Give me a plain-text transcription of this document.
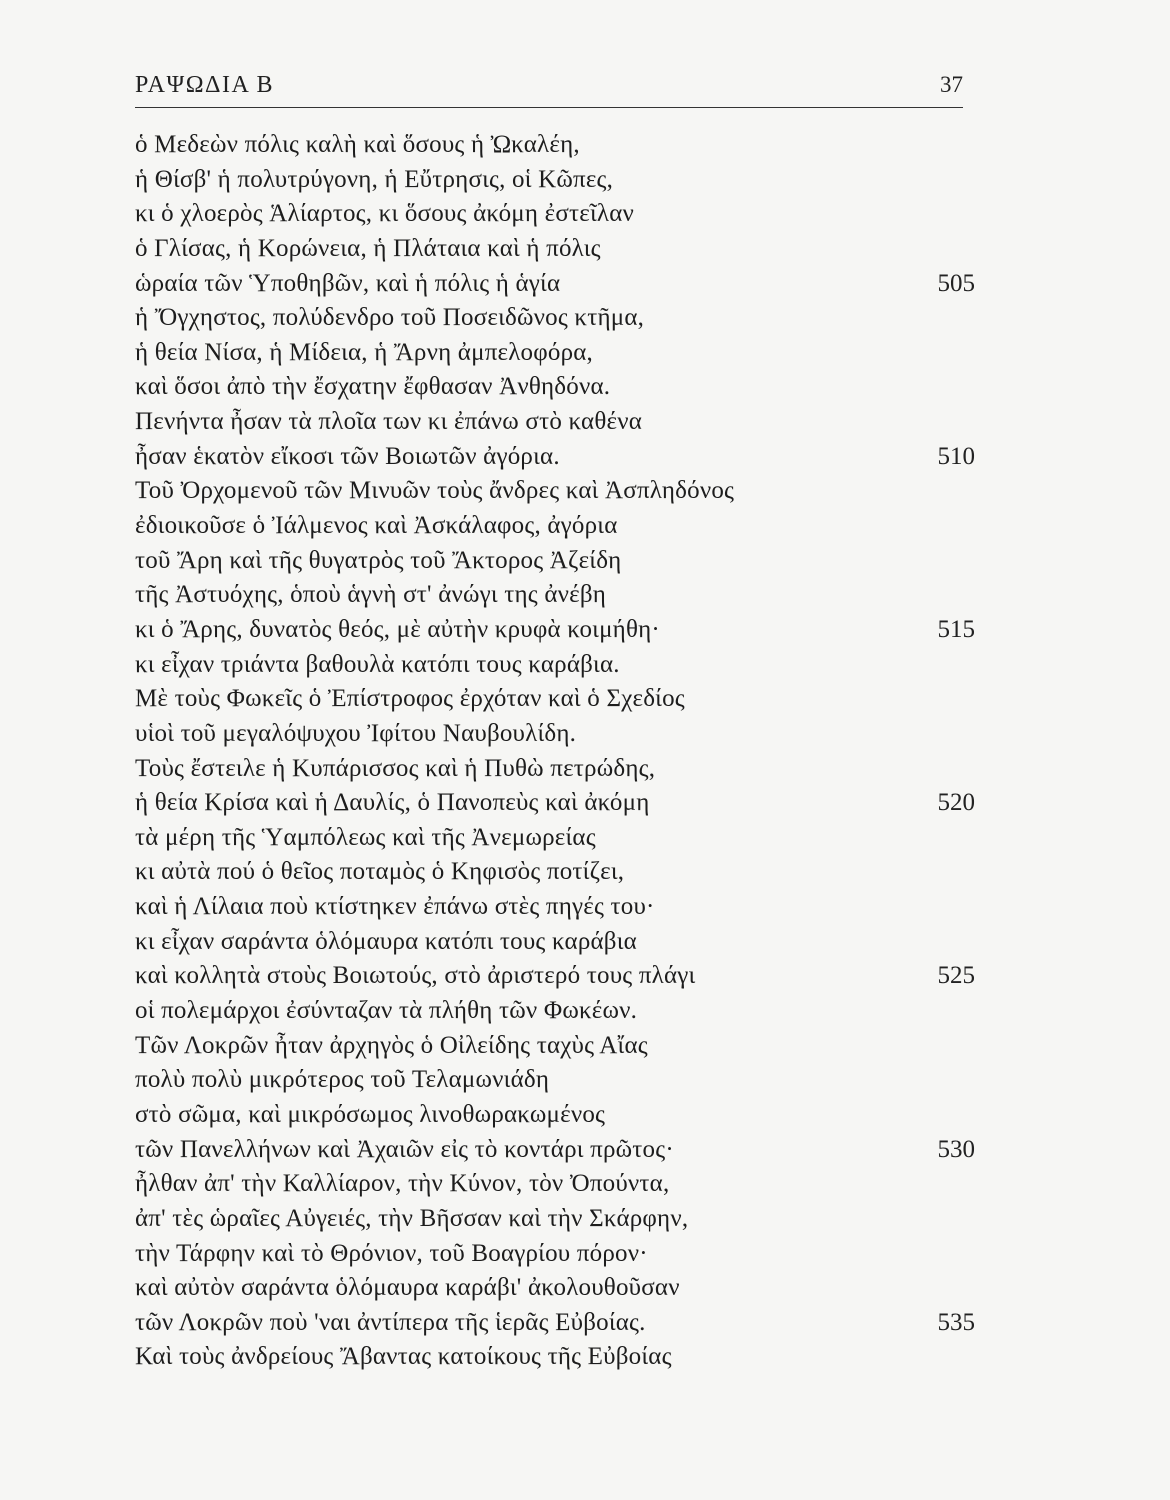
ΡΑΨΩΔΙΑ Β	37
ὁ Μεδεὼν πόλις καλὴ καὶ ὅσους ἡ Ὠκαλέη,
ἡ Θίσβ' ἡ πολυτρύγονη, ἡ Εὔτρησις, οἱ Κῶπες,
κι ὁ χλοερὸς Ἁλίαρτος, κι ὅσους ἀκόμη ἐστεῖλαν
ὁ Γλίσας, ἡ Κορώνεια, ἡ Πλάταια καὶ ἡ πόλις
ὡραία τῶν Ὑποθηβῶν, καὶ ἡ πόλις ἡ ἁγία	505
ἡ Ὄγχηστος, πολύδενδρο τοῦ Ποσειδῶνος κτῆμα,
ἡ θεία Νίσα, ἡ Μίδεια, ἡ Ἄρνη ἀμπελοφόρα,
καὶ ὅσοι ἀπὸ τὴν ἔσχατην ἔφθασαν Ἀνθηδόνα.
Πενήντα ἦσαν τὰ πλοῖα των κι ἐπάνω στὸ καθένα
ἦσαν ἑκατὸν εἴκοσι τῶν Βοιωτῶν ἀγόρια.	510
Τοῦ Ὀρχομενοῦ τῶν Μινυῶν τοὺς ἄνδρες καὶ Ἀσπληδόνος
ἐδιοικοῦσε ὁ Ἰάλμενος καὶ Ἀσκάλαφος, ἀγόρια
τοῦ Ἄρη καὶ τῆς θυγατρὸς τοῦ Ἄκτορος Ἀζείδη
τῆς Ἀστυόχης, ὁποὺ ἁγνὴ στ' ἀνώγι της ἀνέβη
κι ὁ Ἄρης, δυνατὸς θεός, μὲ αὐτὴν κρυφὰ κοιμήθη·	515
κι εἶχαν τριάντα βαθουλὰ κατόπι τους καράβια.
Μὲ τοὺς Φωκεῖς ὁ Ἐπίστροφος ἐρχόταν καὶ ὁ Σχεδίος
υἱοὶ τοῦ μεγαλόψυχου Ἰφίτου Ναυβουλίδη.
Τοὺς ἔστειλε ἡ Κυπάρισσος καὶ ἡ Πυθὼ πετρώδης,
ἡ θεία Κρίσα καὶ ἡ Δαυλίς, ὁ Πανοπεὺς καὶ ἀκόμη	520
τὰ μέρη τῆς Ὑαμπόλεως καὶ τῆς Ἀνεμωρείας
κι αὐτὰ πού ὁ θεῖος ποταμὸς ὁ Κηφισὸς ποτίζει,
καὶ ἡ Λίλαια ποὺ κτίστηκεν ἐπάνω στὲς πηγές του·
κι εἶχαν σαράντα ὁλόμαυρα κατόπι τους καράβια
καὶ κολλητὰ στοὺς Βοιωτούς, στὸ ἀριστερό τους πλάγι	525
οἱ πολεμάρχοι ἐσύνταζαν τὰ πλήθη τῶν Φωκέων.
Τῶν Λοκρῶν ἦταν ἀρχηγὸς ὁ Οἰλείδης ταχὺς Αἴας
πολὺ πολὺ μικρότερος τοῦ Τελαμωνιάδη
στὸ σῶμα, καὶ μικρόσωμος λινοθωρακωμένος
τῶν Πανελλήνων καὶ Ἀχαιῶν εἰς τὸ κοντάρι πρῶτος·	530
ἦλθαν ἀπ' τὴν Καλλίαρον, τὴν Κύνον, τὸν Ὀπούντα,
ἀπ' τὲς ὡραῖες Αὐγειές, τὴν Βῆσσαν καὶ τὴν Σκάρφην,
τὴν Τάρφην καὶ τὸ Θρόνιον, τοῦ Βοαγρίου πόρον·
καὶ αὐτὸν σαράντα ὁλόμαυρα καράβι' ἀκολουθοῦσαν
τῶν Λοκρῶν ποὺ 'ναι ἀντίπερα τῆς ἱερᾶς Εὐβοίας.	535
Καὶ τοὺς ἀνδρείους Ἄβαντας κατοίκους τῆς Εὐβοίας
